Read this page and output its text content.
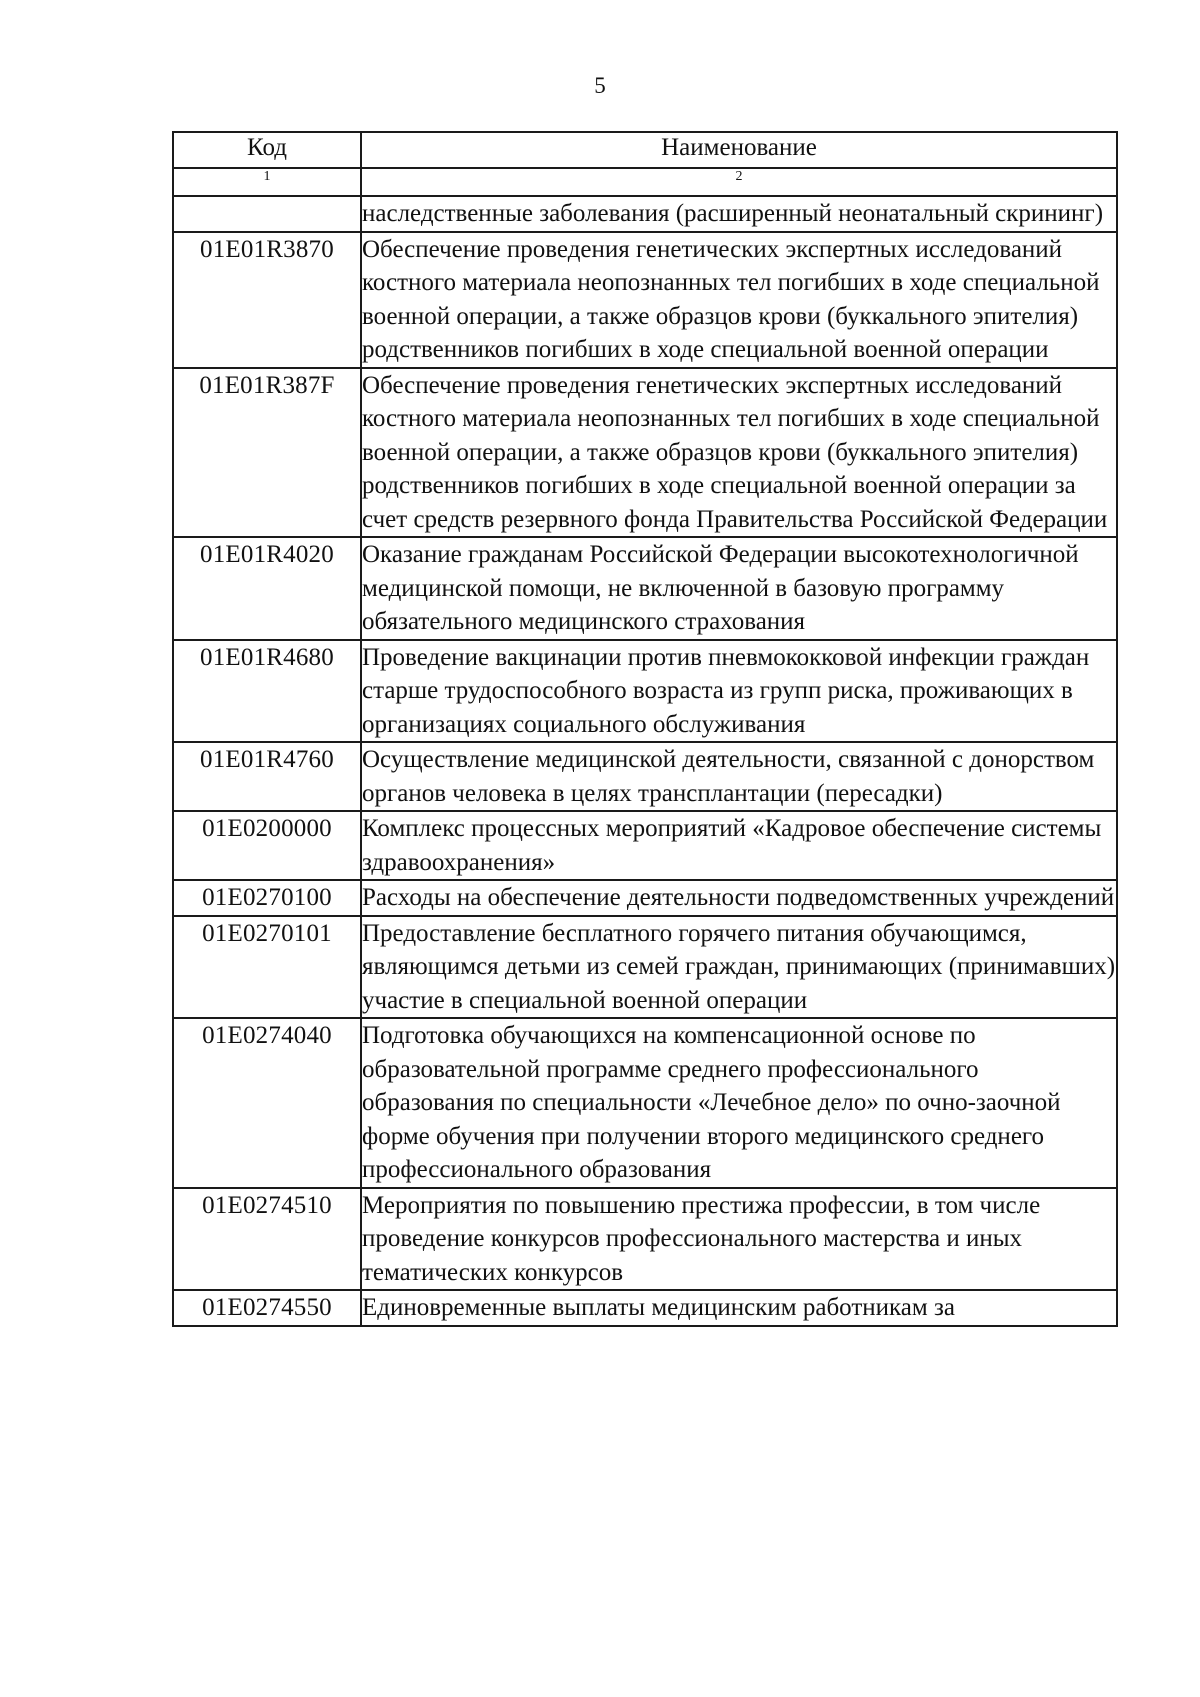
5
Код	Наименование
1	2
	наследственные заболевания (расширенный неонатальный скрининг)
01Е01R3870	Обеспечение проведения генетических экспертных исследований костного материала неопознанных тел погибших в ходе специальной военной операции, а также образцов крови (буккального эпителия) родственников погибших в ходе специальной военной операции
01Е01R387F	Обеспечение проведения генетических экспертных исследований костного материала неопознанных тел погибших в ходе специальной военной операции, а также образцов крови (буккального эпителия) родственников погибших в ходе специальной военной операции за счет средств резервного фонда Правительства Российской Федерации
01Е01R4020	Оказание гражданам Российской Федерации высокотехнологичной медицинской помощи, не включенной в базовую программу обязательного медицинского страхования
01Е01R4680	Проведение вакцинации против пневмококковой инфекции граждан старше трудоспособного возраста из групп риска, проживающих в организациях социального обслуживания
01Е01R4760	Осуществление медицинской деятельности, связанной с донорством органов человека в целях трансплантации (пересадки)
01Е0200000	Комплекс процессных мероприятий «Кадровое обеспечение системы здравоохранения»
01Е0270100	Расходы на обеспечение деятельности подведомственных учреждений
01Е0270101	Предоставление бесплатного горячего питания обучающимся, являющимся детьми из семей граждан, принимающих (принимавших) участие в специальной военной операции
01Е0274040	Подготовка обучающихся на компенсационной основе по образовательной программе среднего профессионального образования по специальности «Лечебное дело» по очно-заочной форме обучения при получении второго медицинского среднего профессионального образования
01Е0274510	Мероприятия по повышению престижа профессии, в том числе проведение конкурсов профессионального мастерства и иных тематических конкурсов
01Е0274550	Единовременные выплаты медицинским работникам за
